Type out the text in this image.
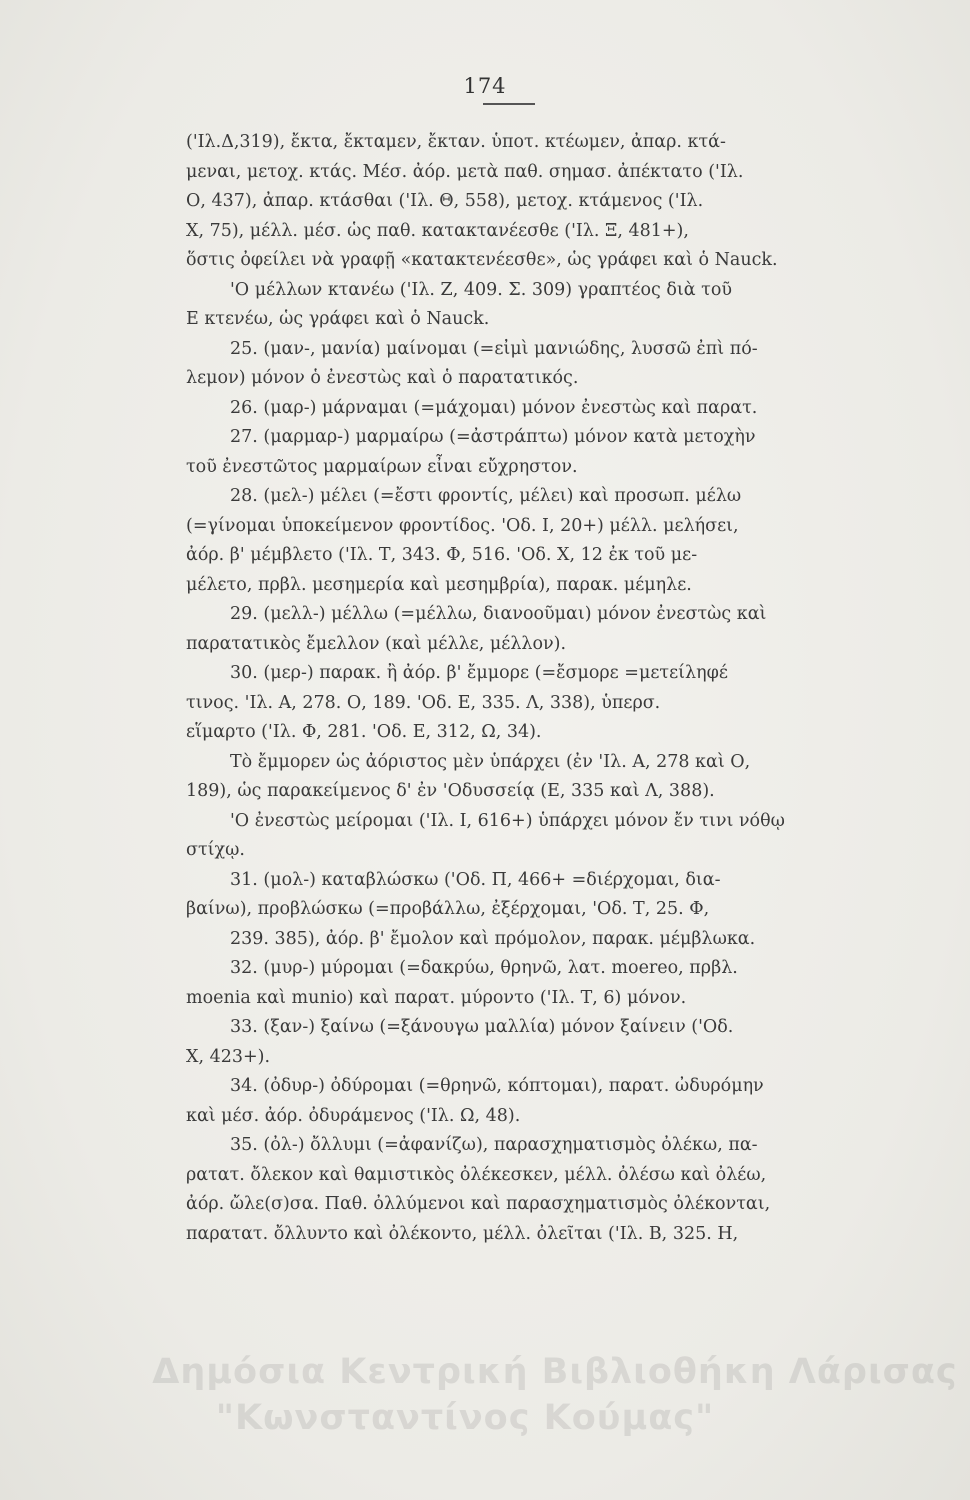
174
('Ιλ.Δ,319), ἔκτα, ἔκταμεν, ἔκταν. ὑποτ. κτέωμεν, ἀπαρ. κτά-
μεναι, μετοχ. κτάς. Μέσ. ἀόρ. μετὰ παθ. σημασ. ἀπέκτατο ('Ιλ.
Ο, 437), ἀπαρ. κτάσθαι ('Ιλ. Θ, 558), μετοχ. κτάμενος ('Ιλ.
Χ, 75), μέλλ. μέσ. ὡς παθ. κατακτανέεσθε ('Ιλ. Ξ, 481+),
ὅστις ὀφείλει νὰ γραφῇ «κατακτενέεσθε», ὡς γράφει καὶ ὁ Nauck.
'Ο μέλλων κτανέω ('Ιλ. Ζ, 409. Σ. 309) γραπτέος διὰ τοῦ
Ε κτενέω, ὡς γράφει καὶ ὁ Nauck.
25. (μαν-, μανία) μαίνομαι (=εἰμὶ μανιώδης, λυσσῶ ἐπὶ πό-
λεμον) μόνον ὁ ἐνεστὼς καὶ ὁ παρατατικός.
26. (μαρ-) μάρναμαι (=μάχομαι) μόνον ἐνεστὼς καὶ παρατ.
27. (μαρμαρ-) μαρμαίρω (=ἀστράπτω) μόνον κατὰ μετοχὴν
τοῦ ἐνεστῶτος μαρμαίρων εἶναι εὔχρηστον.
28. (μελ-) μέλει (=ἔστι φροντίς, μέλει) καὶ προσωπ. μέλω
(=γίνομαι ὑποκείμενον φροντίδος. 'Οδ. Ι, 20+) μέλλ. μελήσει,
ἀόρ. β' μέμβλετο ('Ιλ. Τ, 343. Φ, 516. 'Οδ. Χ, 12 ἐκ τοῦ με-
μέλετο, πρβλ. μεσημερία καὶ μεσημβρία), παρακ. μέμηλε.
29. (μελλ-) μέλλω (=μέλλω, διανοοῦμαι) μόνον ἐνεστὼς καὶ
παρατατικὸς ἔμελλον (καὶ μέλλε, μέλλον).
30. (μερ-) παρακ. ἢ ἀόρ. β' ἔμμορε (=ἔσμορε =μετείληφέ
τινος. 'Ιλ. Α, 278. Ο, 189. 'Οδ. Ε, 335. Λ, 338), ὑπερσ.
εἵμαρτο ('Ιλ. Φ, 281. 'Οδ. Ε, 312, Ω, 34).
Τὸ ἔμμορεν ὡς ἀόριστος μὲν ὑπάρχει (ἐν 'Ιλ. Α, 278 καὶ Ο,
189), ὡς παρακείμενος δ' ἐν 'Οδυσσείᾳ (Ε, 335 καὶ Λ, 388).
'Ο ἐνεστὼς μείρομαι ('Ιλ. Ι, 616+) ὑπάρχει μόνον ἔν τινι νόθῳ
στίχῳ.
31. (μολ-) καταβλώσκω ('Οδ. Π, 466+ =διέρχομαι, δια-
βαίνω), προβλώσκω (=προβάλλω, ἐξέρχομαι, 'Οδ. Τ, 25. Φ,
239. 385), ἀόρ. β' ἔμολον καὶ πρόμολον, παρακ. μέμβλωκα.
32. (μυρ-) μύρομαι (=δακρύω, θρηνῶ, λατ. moereo, πρβλ.
moenia καὶ munio) καὶ παρατ. μύροντο ('Ιλ. Τ, 6) μόνον.
33. (ξαν-) ξαίνω (=ξάνουγω μαλλία) μόνον ξαίνειν ('Οδ.
Χ, 423+).
34. (ὀδυρ-) ὀδύρομαι (=θρηνῶ, κόπτομαι), παρατ. ὠδυρόμην
καὶ μέσ. ἀόρ. ὀδυράμενος ('Ιλ. Ω, 48).
35. (ὀλ-) ὄλλυμι (=ἀφανίζω), παρασχηματισμὸς ὀλέκω, πα-
ρατατ. ὄλεκον καὶ θαμιστικὸς ὀλέκεσκεν, μέλλ. ὀλέσω καὶ ὀλέω,
ἀόρ. ὤλε(σ)σα. Παθ. ὀλλύμενοι καὶ παρασχηματισμὸς ὀλέκονται,
παρατατ. ὄλλυντο καὶ ὀλέκοντο, μέλλ. ὀλεῖται ('Ιλ. Β, 325. Η,
Δημόσια Κεντρική Βιβλιοθήκη Λάρισας
"Κωνσταντίνος Κούμας"
